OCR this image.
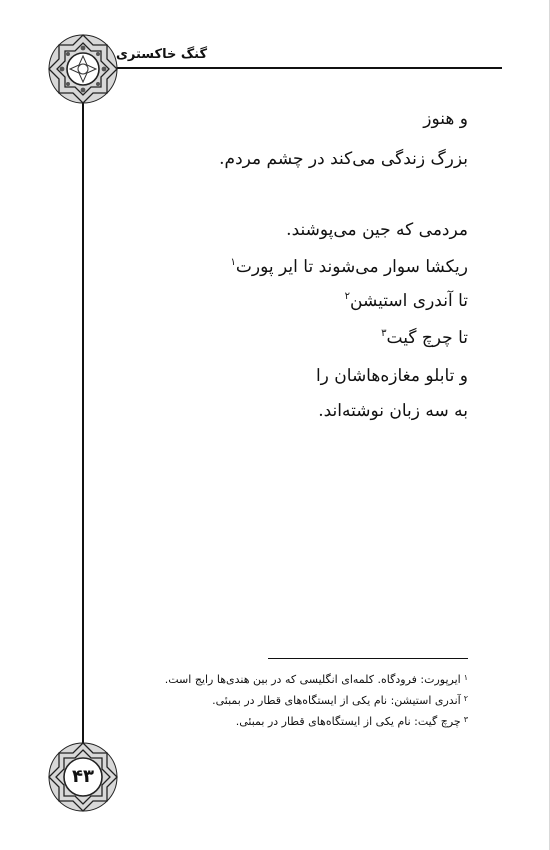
گنگ خاکستری
۴۳
و هنوز
بزرگ زندگی می‌کند در چشم مردم.
مردمی که جین می‌پوشند.
ریکشا سوار می‌شوند تا ایر پورت$^۱$
تا آندری استیشن$^۲$
تا چرچ گیت$^۳$
و تابلو مغازه‌هاشان را
به سه زبان نوشته‌اند.
$^۱$ایرپورت: فرودگاه. کلمه‌ای انگلیسی که در بین هندی‌ها رایج است.
$^۲$آندری استیشن: نام یکی از ایستگاه‌های قطار در بمبئی.
$^۳$چرچ گیت: نام یکی از ایستگاه‌های قطار در بمبئی.
